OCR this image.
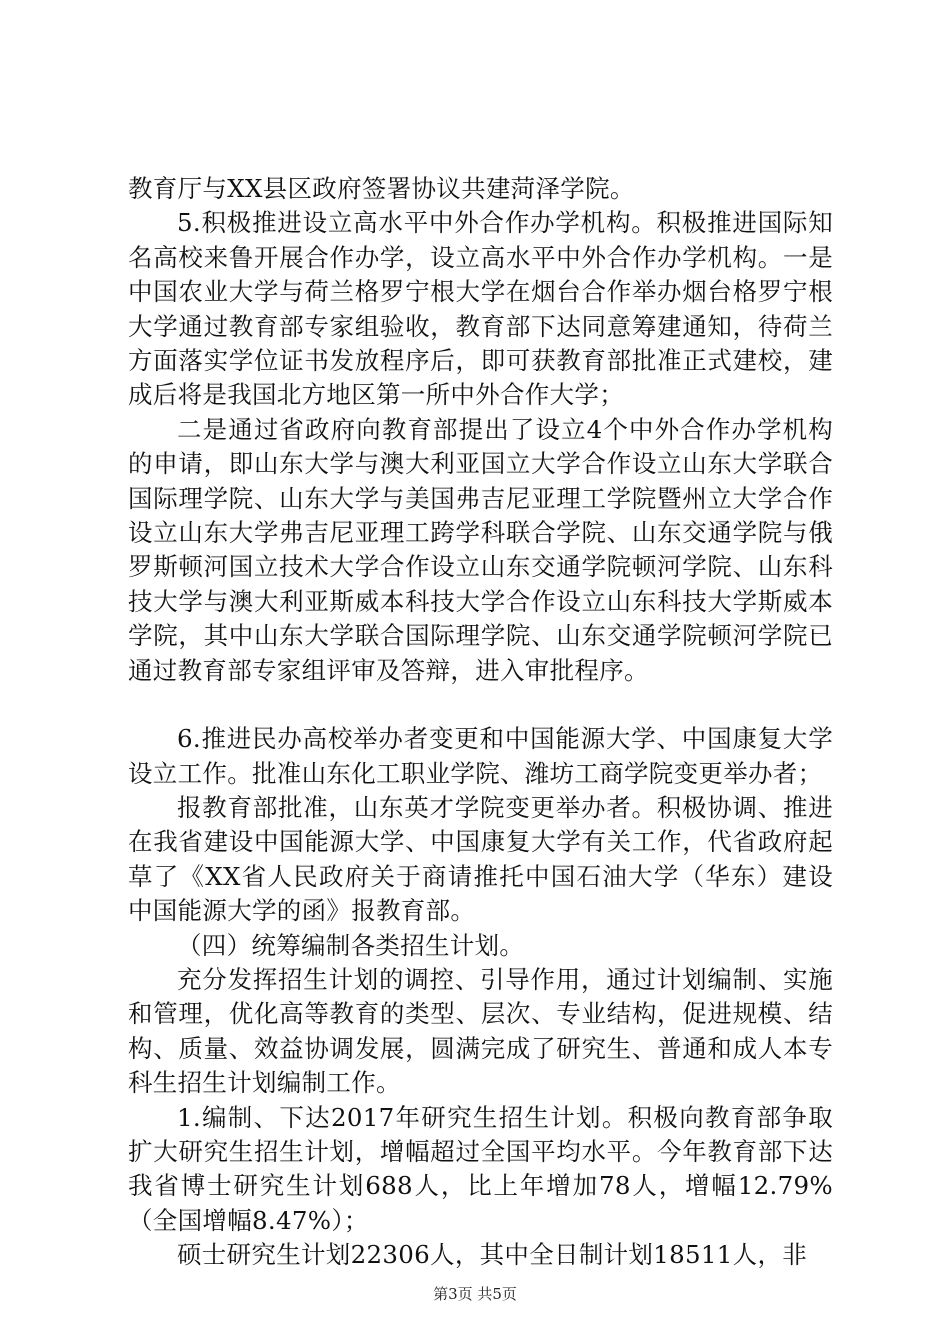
教育厅与XX县区政府签署协议共建菏泽学院。

5.积极推进设立高水平中外合作办学机构。积极推进国际知名高校来鲁开展合作办学，设立高水平中外合作办学机构。一是中国农业大学与荷兰格罗宁根大学在烟台合作举办烟台格罗宁根大学通过教育部专家组验收，教育部下达同意筹建通知，待荷兰方面落实学位证书发放程序后，即可获教育部批准正式建校，建成后将是我国北方地区第一所中外合作大学；

二是通过省政府向教育部提出了设立4个中外合作办学机构的申请，即山东大学与澳大利亚国立大学合作设立山东大学联合国际理学院、山东大学与美国弗吉尼亚理工学院暨州立大学合作设立山东大学弗吉尼亚理工跨学科联合学院、山东交通学院与俄罗斯顿河国立技术大学合作设立山东交通学院顿河学院、山东科技大学与澳大利亚斯威本科技大学合作设立山东科技大学斯威本学院，其中山东大学联合国际理学院、山东交通学院顿河学院已通过教育部专家组评审及答辩，进入审批程序。

6.推进民办高校举办者变更和中国能源大学、中国康复大学设立工作。批准山东化工职业学院、潍坊工商学院变更举办者；

报教育部批准，山东英才学院变更举办者。积极协调、推进在我省建设中国能源大学、中国康复大学有关工作，代省政府起草了《XX省人民政府关于商请推托中国石油大学（华东）建设中国能源大学的函》报教育部。

（四）统筹编制各类招生计划。

充分发挥招生计划的调控、引导作用，通过计划编制、实施和管理，优化高等教育的类型、层次、专业结构，促进规模、结构、质量、效益协调发展，圆满完成了研究生、普通和成人本专科生招生计划编制工作。

1.编制、下达2017年研究生招生计划。积极向教育部争取扩大研究生招生计划，增幅超过全国平均水平。今年教育部下达我省博士研究生计划688人，比上年增加78人，增幅12.79%（全国增幅8.47%）；

硕士研究生计划22306人，其中全日制计划18511人，非

第3页 共5页
